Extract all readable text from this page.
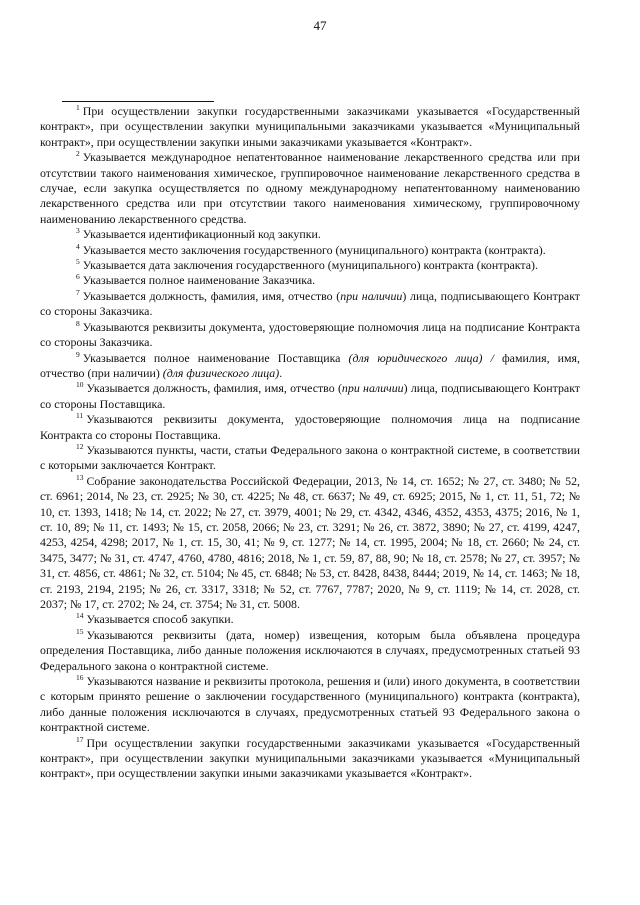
47

$^1$ При осуществлении закупки государственными заказчиками указывается «Государственный контракт», при осуществлении закупки муниципальными заказчиками указывается «Муниципальный контракт», при осуществлении закупки иными заказчиками указывается «Контракт».

$^2$ Указывается международное непатентованное наименование лекарственного средства или при отсутствии такого наименования химическое, группировочное наименование лекарственного средства в случае, если закупка осуществляется по одному международному непатентованному наименованию лекарственного средства или при отсутствии такого наименования химическому, группировочному наименованию лекарственного средства.

$^3$ Указывается идентификационный код закупки.

$^4$ Указывается место заключения государственного (муниципального) контракта (контракта).

$^5$ Указывается дата заключения государственного (муниципального) контракта (контракта).

$^6$ Указывается полное наименование Заказчика.

$^7$ Указывается должность, фамилия, имя, отчество (при наличии) лица, подписывающего Контракт со стороны Заказчика.

$^8$ Указываются реквизиты документа, удостоверяющие полномочия лица на подписание Контракта со стороны Заказчика.

$^9$ Указывается полное наименование Поставщика (для юридического лица) / фамилия, имя, отчество (при наличии) (для физического лица).

$^{10}$ Указывается должность, фамилия, имя, отчество (при наличии) лица, подписывающего Контракт со стороны Поставщика.

$^{11}$ Указываются реквизиты документа, удостоверяющие полномочия лица на подписание Контракта со стороны Поставщика.

$^{12}$ Указываются пункты, части, статьи Федерального закона о контрактной системе, в соответствии с которыми заключается Контракт.

$^{13}$ Собрание законодательства Российской Федерации, 2013, № 14, ст. 1652; № 27, ст. 3480; № 52, ст. 6961; 2014, № 23, ст. 2925; № 30, ст. 4225; № 48, ст. 6637; № 49, ст. 6925; 2015, № 1, ст. 11, 51, 72; № 10, ст. 1393, 1418; № 14, ст. 2022; № 27, ст. 3979, 4001; № 29, ст. 4342, 4346, 4352, 4353, 4375; 2016, № 1, ст. 10, 89; № 11, ст. 1493; № 15, ст. 2058, 2066; № 23, ст. 3291; № 26, ст. 3872, 3890; № 27, ст. 4199, 4247, 4253, 4254, 4298; 2017, № 1, ст. 15, 30, 41; № 9, ст. 1277; № 14, ст. 1995, 2004; № 18, ст. 2660; № 24, ст. 3475, 3477; № 31, ст. 4747, 4760, 4780, 4816; 2018, № 1, ст. 59, 87, 88, 90; № 18, ст. 2578; № 27, ст. 3957; № 31, ст. 4856, ст. 4861; № 32, ст. 5104; № 45, ст. 6848; № 53, ст. 8428, 8438, 8444; 2019, № 14, ст. 1463; № 18, ст. 2193, 2194, 2195; № 26, ст. 3317, 3318; № 52, ст. 7767, 7787; 2020, № 9, ст. 1119; № 14, ст. 2028, ст. 2037; № 17, ст. 2702; № 24, ст. 3754; № 31, ст. 5008.

$^{14}$ Указывается способ закупки.

$^{15}$ Указываются реквизиты (дата, номер) извещения, которым была объявлена процедура определения Поставщика, либо данные положения исключаются в случаях, предусмотренных статьей 93 Федерального закона о контрактной системе.

$^{16}$ Указываются название и реквизиты протокола, решения и (или) иного документа, в соответствии с которым принято решение о заключении государственного (муниципального) контракта (контракта), либо данные положения исключаются в случаях, предусмотренных статьей 93 Федерального закона о контрактной системе.

$^{17}$ При осуществлении закупки государственными заказчиками указывается «Государственный контракт», при осуществлении закупки муниципальными заказчиками указывается «Муниципальный контракт», при осуществлении закупки иными заказчиками указывается «Контракт».
